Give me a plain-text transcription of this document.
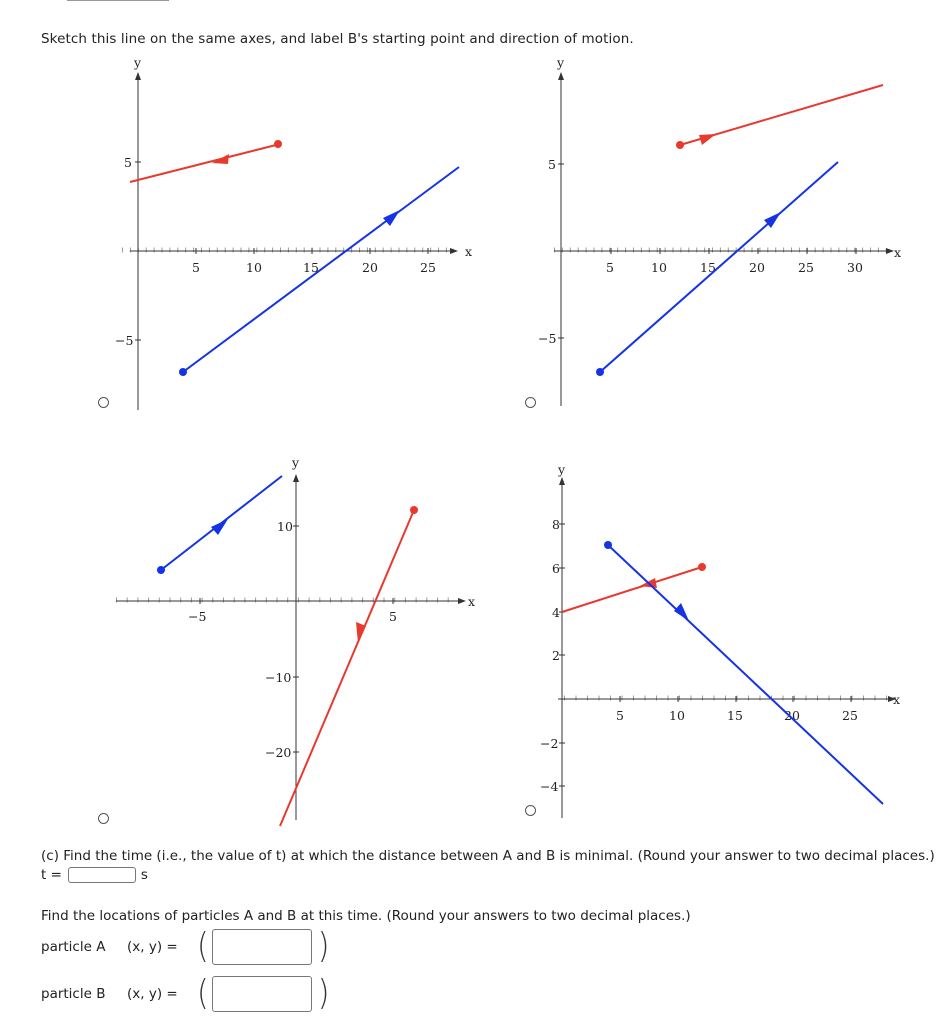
Sketch this line on the same axes, and label B's starting point and direction of motion.
x
y
5	10	15	20	25
5
−5
x
y
5	10	15	20	25	30
5
−5
x
y
−5	5
10
−10
−20
x
y
5	10	15	20	25
8
6
4
2
−2
−4
(c) Find the time (i.e., the value of t) at which the distance between A and B is minimal. (Round your answer to two decimal places.)
t =	s
Find the locations of particles A and B at this time. (Round your answers to two decimal places.)
particle A	(x, y) = (	)
particle B	(x, y) = (	)
